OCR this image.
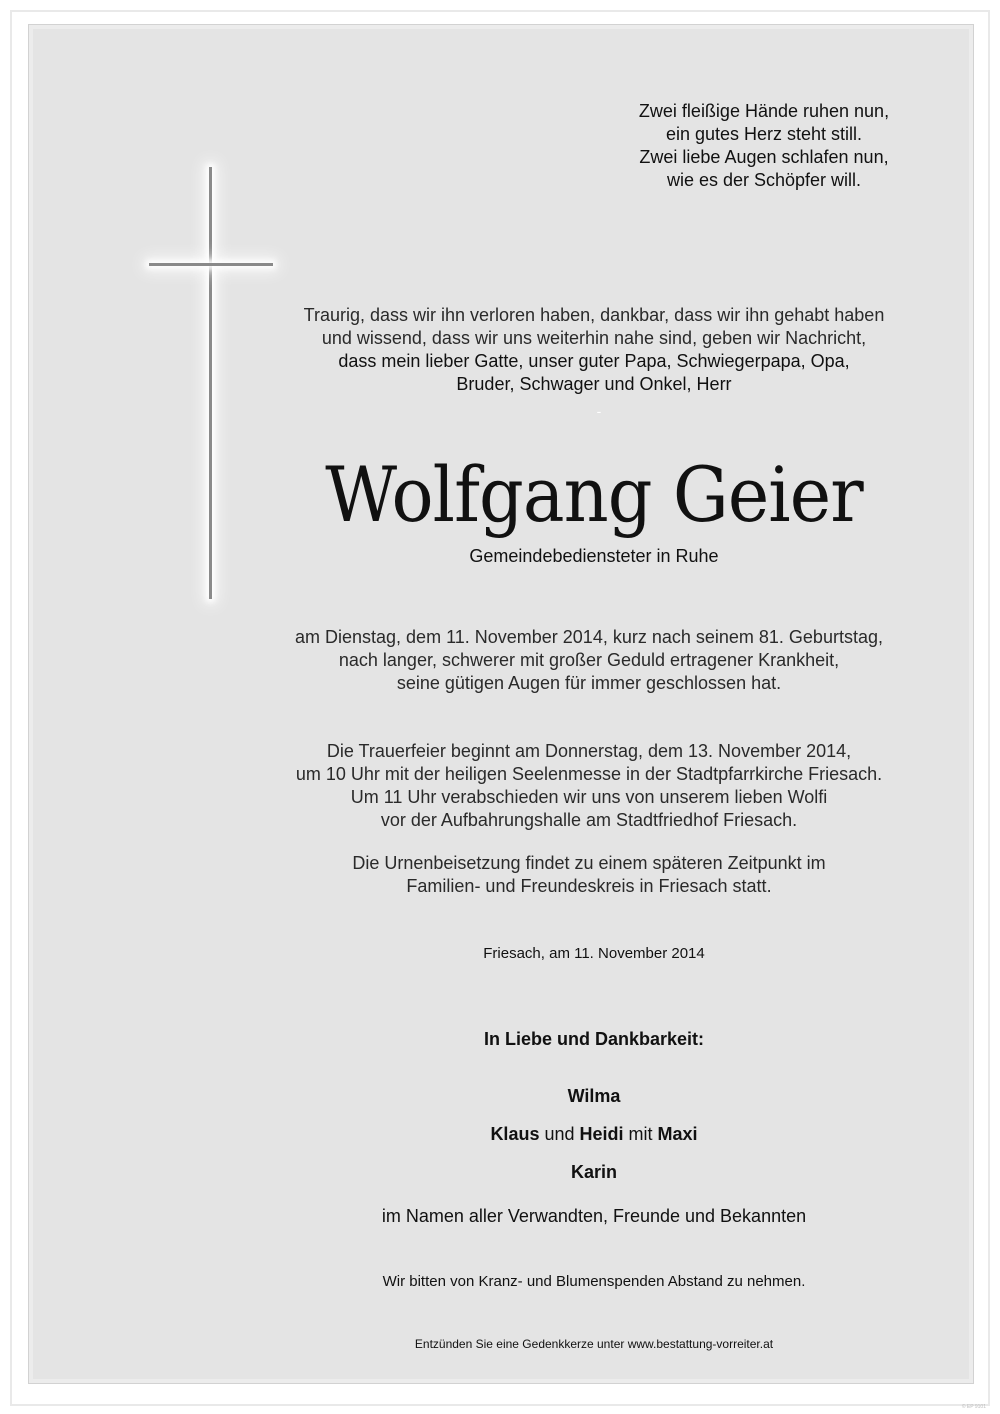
Zwei fleißige Hände ruhen nun,
ein gutes Herz steht still.
Zwei liebe Augen schlafen nun,
wie es der Schöpfer will.
Traurig, dass wir ihn verloren haben, dankbar, dass wir ihn gehabt haben
und wissend, dass wir uns weiterhin nahe sind, geben wir Nachricht,
dass mein lieber Gatte, unser guter Papa, Schwiegerpapa, Opa,
Bruder, Schwager und Onkel, Herr
-
Wolfgang Geier
Gemeindebediensteter in Ruhe
am Dienstag, dem 11. November 2014, kurz nach seinem 81. Geburtstag,
nach langer, schwerer mit großer Geduld ertragener Krankheit,
seine gütigen Augen für immer geschlossen hat.
Die Trauerfeier beginnt am Donnerstag, dem 13. November 2014,
um 10 Uhr mit der heiligen Seelenmesse in der Stadtpfarrkirche Friesach.
Um 11 Uhr verabschieden wir uns von unserem lieben Wolfi
vor der Aufbahrungshalle am Stadtfriedhof Friesach.
Die Urnenbeisetzung findet zu einem späteren Zeitpunkt im
Familien- und Freundeskreis in Friesach statt.
Friesach, am 11. November 2014
In Liebe und Dankbarkeit:
Wilma
Klaus und Heidi mit Maxi
Karin
im Namen aller Verwandten, Freunde und Bekannten
Wir bitten von Kranz- und Blumenspenden Abstand zu nehmen.
Entzünden Sie eine Gedenkkerze unter www.bestattung-vorreiter.at
© EP 9101
